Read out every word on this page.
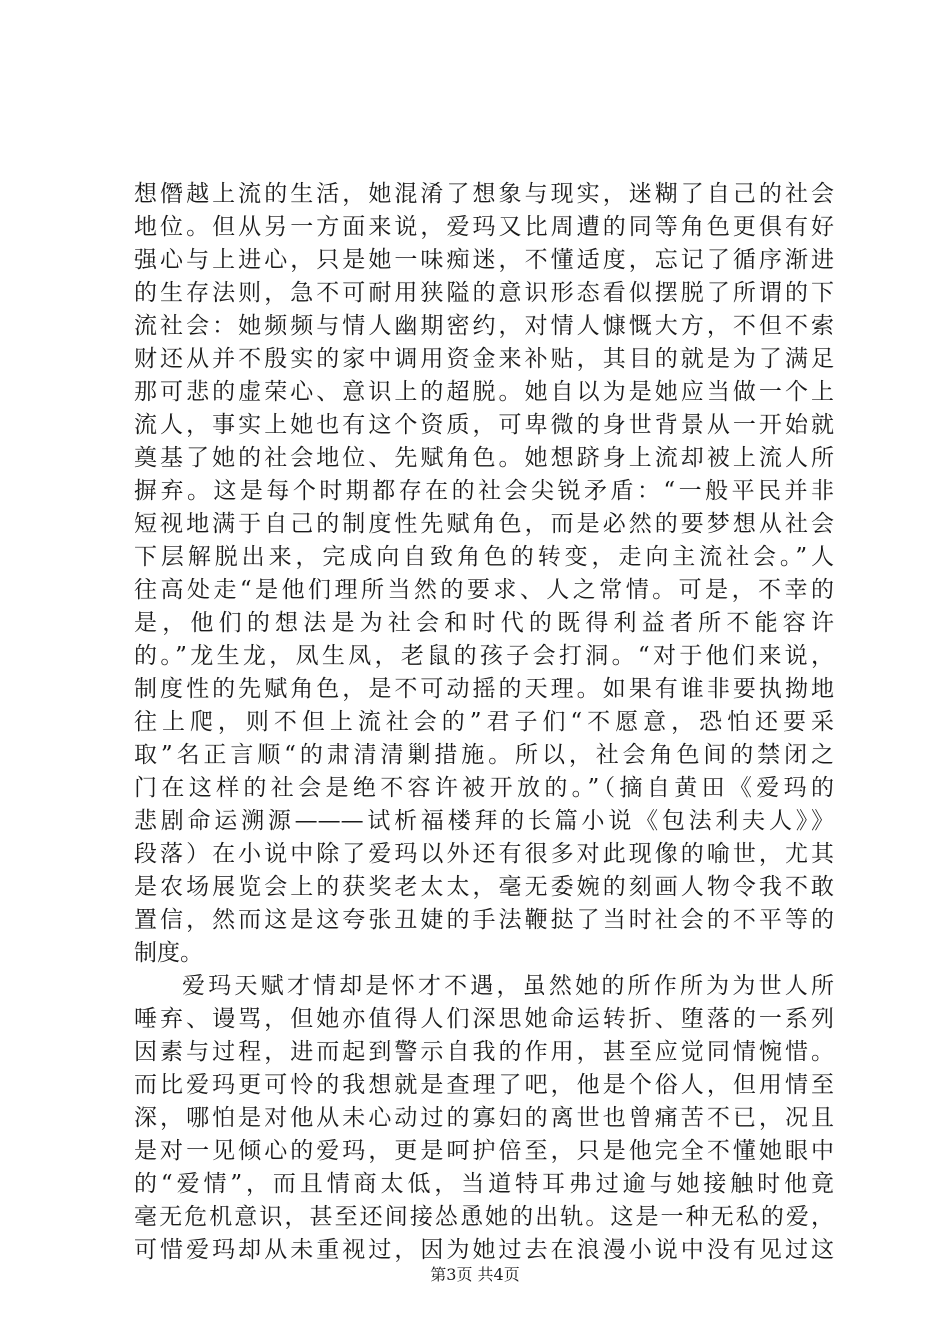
想僭越上流的生活，她混淆了想象与现实，迷糊了自己的社会
地位。但从另一方面来说，爱玛又比周遭的同等角色更俱有好
强心与上进心，只是她一味痴迷，不懂适度，忘记了循序渐进
的生存法则，急不可耐用狭隘的意识形态看似摆脱了所谓的下
流社会：她频频与情人幽期密约，对情人慷慨大方，不但不索
财还从并不殷实的家中调用资金来补贴，其目的就是为了满足
那可悲的虚荣心、意识上的超脱。她自以为是她应当做一个上
流人，事实上她也有这个资质，可卑微的身世背景从一开始就
奠基了她的社会地位、先赋角色。她想跻身上流却被上流人所
摒弃。这是每个时期都存在的社会尖锐矛盾：“一般平民并非
短视地满于自己的制度性先赋角色，而是必然的要梦想从社会
下层解脱出来，完成向自致角色的转变，走向主流社会。”人
往高处走“是他们理所当然的要求、人之常情。可是，不幸的
是，他们的想法是为社会和时代的既得利益者所不能容许
的。”龙生龙，凤生凤，老鼠的孩子会打洞。“对于他们来说，
制度性的先赋角色，是不可动摇的天理。如果有谁非要执拗地
往上爬，则不但上流社会的”君子们“不愿意，恐怕还要采
取”名正言顺“的肃清清剿措施。所以，社会角色间的禁闭之
门在这样的社会是绝不容许被开放的。”（摘自黄田《爱玛的
悲剧命运溯源———试析福楼拜的长篇小说《包法利夫人》》
段落）在小说中除了爱玛以外还有很多对此现像的喻世，尤其
是农场展览会上的获奖老太太，毫无委婉的刻画人物令我不敢
置信，然而这是这夸张丑婕的手法鞭挞了当时社会的不平等的
制度。
爱玛天赋才情却是怀才不遇，虽然她的所作所为为世人所
唾弃、谩骂，但她亦值得人们深思她命运转折、堕落的一系列
因素与过程，进而起到警示自我的作用，甚至应觉同情惋惜。
而比爱玛更可怜的我想就是查理了吧，他是个俗人，但用情至
深，哪怕是对他从未心动过的寡妇的离世也曾痛苦不已，况且
是对一见倾心的爱玛，更是呵护倍至，只是他完全不懂她眼中
的“爱情”，而且情商太低，当道特耳弗过逾与她接触时他竟
毫无危机意识，甚至还间接怂恿她的出轨。这是一种无私的爱，
可惜爱玛却从未重视过，因为她过去在浪漫小说中没有见过这
第3页 共4页
